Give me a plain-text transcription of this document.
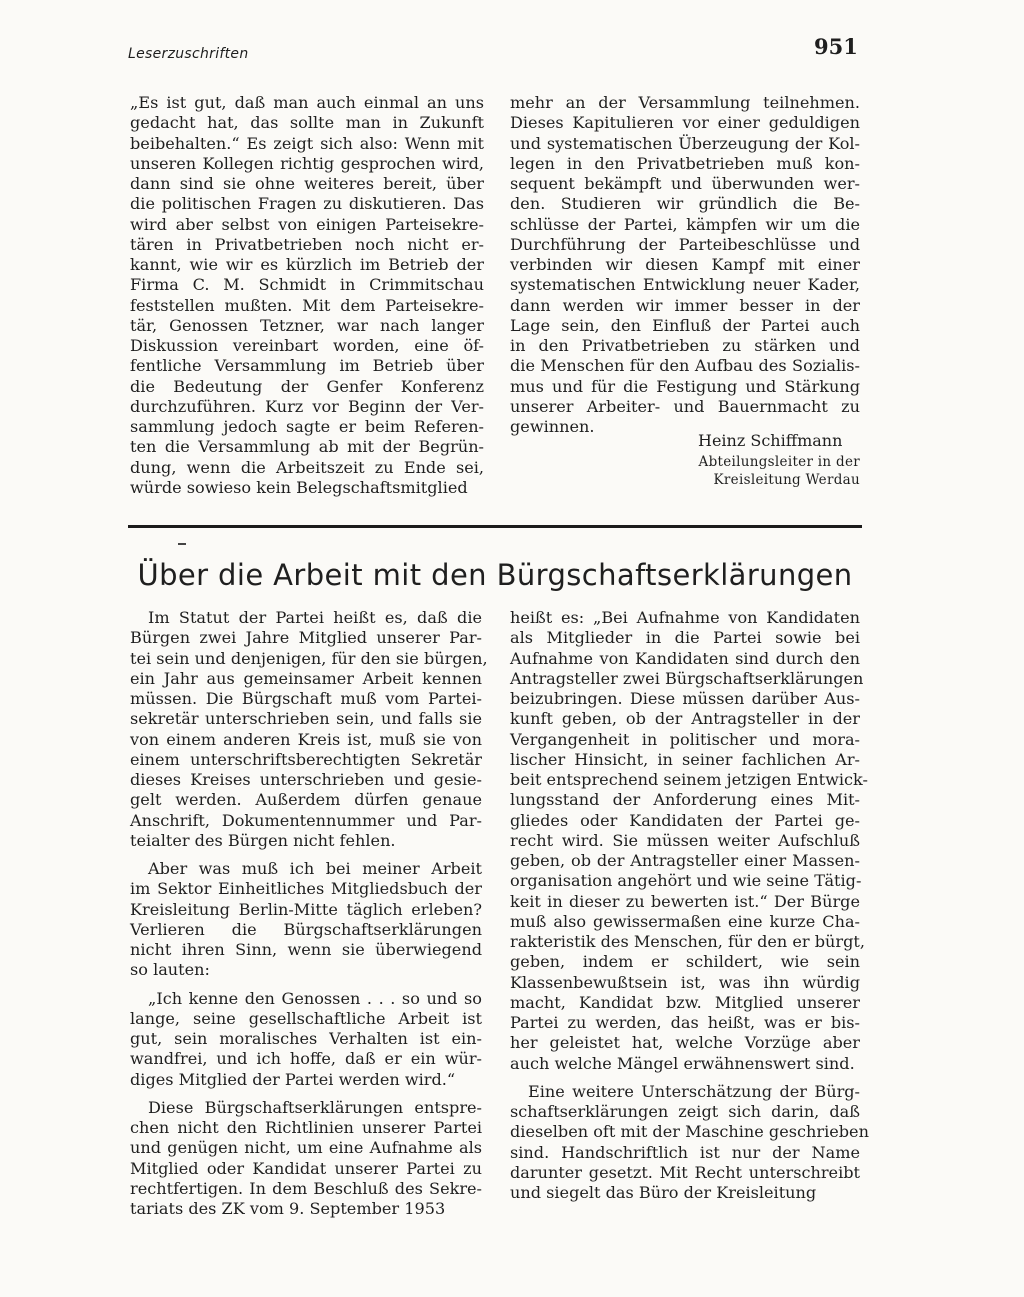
Leserzuschriften	951
„Es ist gut, daß man auch einmal an uns
gedacht hat, das sollte man in Zukunft
beibehalten.“ Es zeigt sich also: Wenn mit
unseren Kollegen richtig gesprochen wird,
dann sind sie ohne weiteres bereit, über
die politischen Fragen zu diskutieren. Das
wird aber selbst von einigen Parteisekre-
tären in Privatbetrieben noch nicht er-
kannt, wie wir es kürzlich im Betrieb der
Firma C. M. Schmidt in Crimmitschau
feststellen mußten. Mit dem Parteisekre-
tär, Genossen Tetzner, war nach langer
Diskussion vereinbart worden, eine öf-
fentliche Versammlung im Betrieb über
die Bedeutung der Genfer Konferenz
durchzuführen. Kurz vor Beginn der Ver-
sammlung jedoch sagte er beim Referen-
ten die Versammlung ab mit der Begrün-
dung, wenn die Arbeitszeit zu Ende sei,
würde sowieso kein Belegschaftsmitglied
mehr an der Versammlung teilnehmen.
Dieses Kapitulieren vor einer geduldigen
und systematischen Überzeugung der Kol-
legen in den Privatbetrieben muß kon-
sequent bekämpft und überwunden wer-
den. Studieren wir gründlich die Be-
schlüsse der Partei, kämpfen wir um die
Durchführung der Parteibeschlüsse und
verbinden wir diesen Kampf mit einer
systematischen Entwicklung neuer Kader,
dann werden wir immer besser in der
Lage sein, den Einfluß der Partei auch
in den Privatbetrieben zu stärken und
die Menschen für den Aufbau des Sozialis-
mus und für die Festigung und Stärkung
unserer Arbeiter- und Bauernmacht zu
gewinnen.
Heinz Schiffmann
Abteilungsleiter in der
Kreisleitung Werdau
Über die Arbeit mit den Bürgschaftserklärungen

Im Statut der Partei heißt es, daß die
Bürgen zwei Jahre Mitglied unserer Par-
tei sein und denjenigen, für den sie bürgen,
ein Jahr aus gemeinsamer Arbeit kennen
müssen. Die Bürgschaft muß vom Partei-
sekretär unterschrieben sein, und falls sie
von einem anderen Kreis ist, muß sie von
einem unterschriftsberechtigten Sekretär
dieses Kreises unterschrieben und gesie-
gelt werden. Außerdem dürfen genaue
Anschrift, Dokumentennummer und Par-
teialter des Bürgen nicht fehlen.

Aber was muß ich bei meiner Arbeit
im Sektor Einheitliches Mitgliedsbuch der
Kreisleitung Berlin-Mitte täglich erleben?
Verlieren die Bürgschaftserklärungen
nicht ihren Sinn, wenn sie überwiegend
so lauten:

„Ich kenne den Genossen . . . so und so
lange, seine gesellschaftliche Arbeit ist
gut, sein moralisches Verhalten ist ein-
wandfrei, und ich hoffe, daß er ein wür-
diges Mitglied der Partei werden wird.“

Diese Bürgschaftserklärungen entspre-
chen nicht den Richtlinien unserer Partei
und genügen nicht, um eine Aufnahme als
Mitglied oder Kandidat unserer Partei zu
rechtfertigen. In dem Beschluß des Sekre-
tariats des ZK vom 9. September 1953

heißt es: „Bei Aufnahme von Kandidaten
als Mitglieder in die Partei sowie bei
Aufnahme von Kandidaten sind durch den
Antragsteller zwei Bürgschaftserklärungen
beizubringen. Diese müssen darüber Aus-
kunft geben, ob der Antragsteller in der
Vergangenheit in politischer und mora-
lischer Hinsicht, in seiner fachlichen Ar-
beit entsprechend seinem jetzigen Entwick-
lungsstand der Anforderung eines Mit-
gliedes oder Kandidaten der Partei ge-
recht wird. Sie müssen weiter Aufschluß
geben, ob der Antragsteller einer Massen-
organisation angehört und wie seine Tätig-
keit in dieser zu bewerten ist.“ Der Bürge
muß also gewissermaßen eine kurze Cha-
rakteristik des Menschen, für den er bürgt,
geben, indem er schildert, wie sein
Klassenbewußtsein ist, was ihn würdig
macht, Kandidat bzw. Mitglied unserer
Partei zu werden, das heißt, was er bis-
her geleistet hat, welche Vorzüge aber
auch welche Mängel erwähnenswert sind.

Eine weitere Unterschätzung der Bürg-
schaftserklärungen zeigt sich darin, daß
dieselben oft mit der Maschine geschrieben
sind. Handschriftlich ist nur der Name
darunter gesetzt. Mit Recht unterschreibt
und siegelt das Büro der Kreisleitung
